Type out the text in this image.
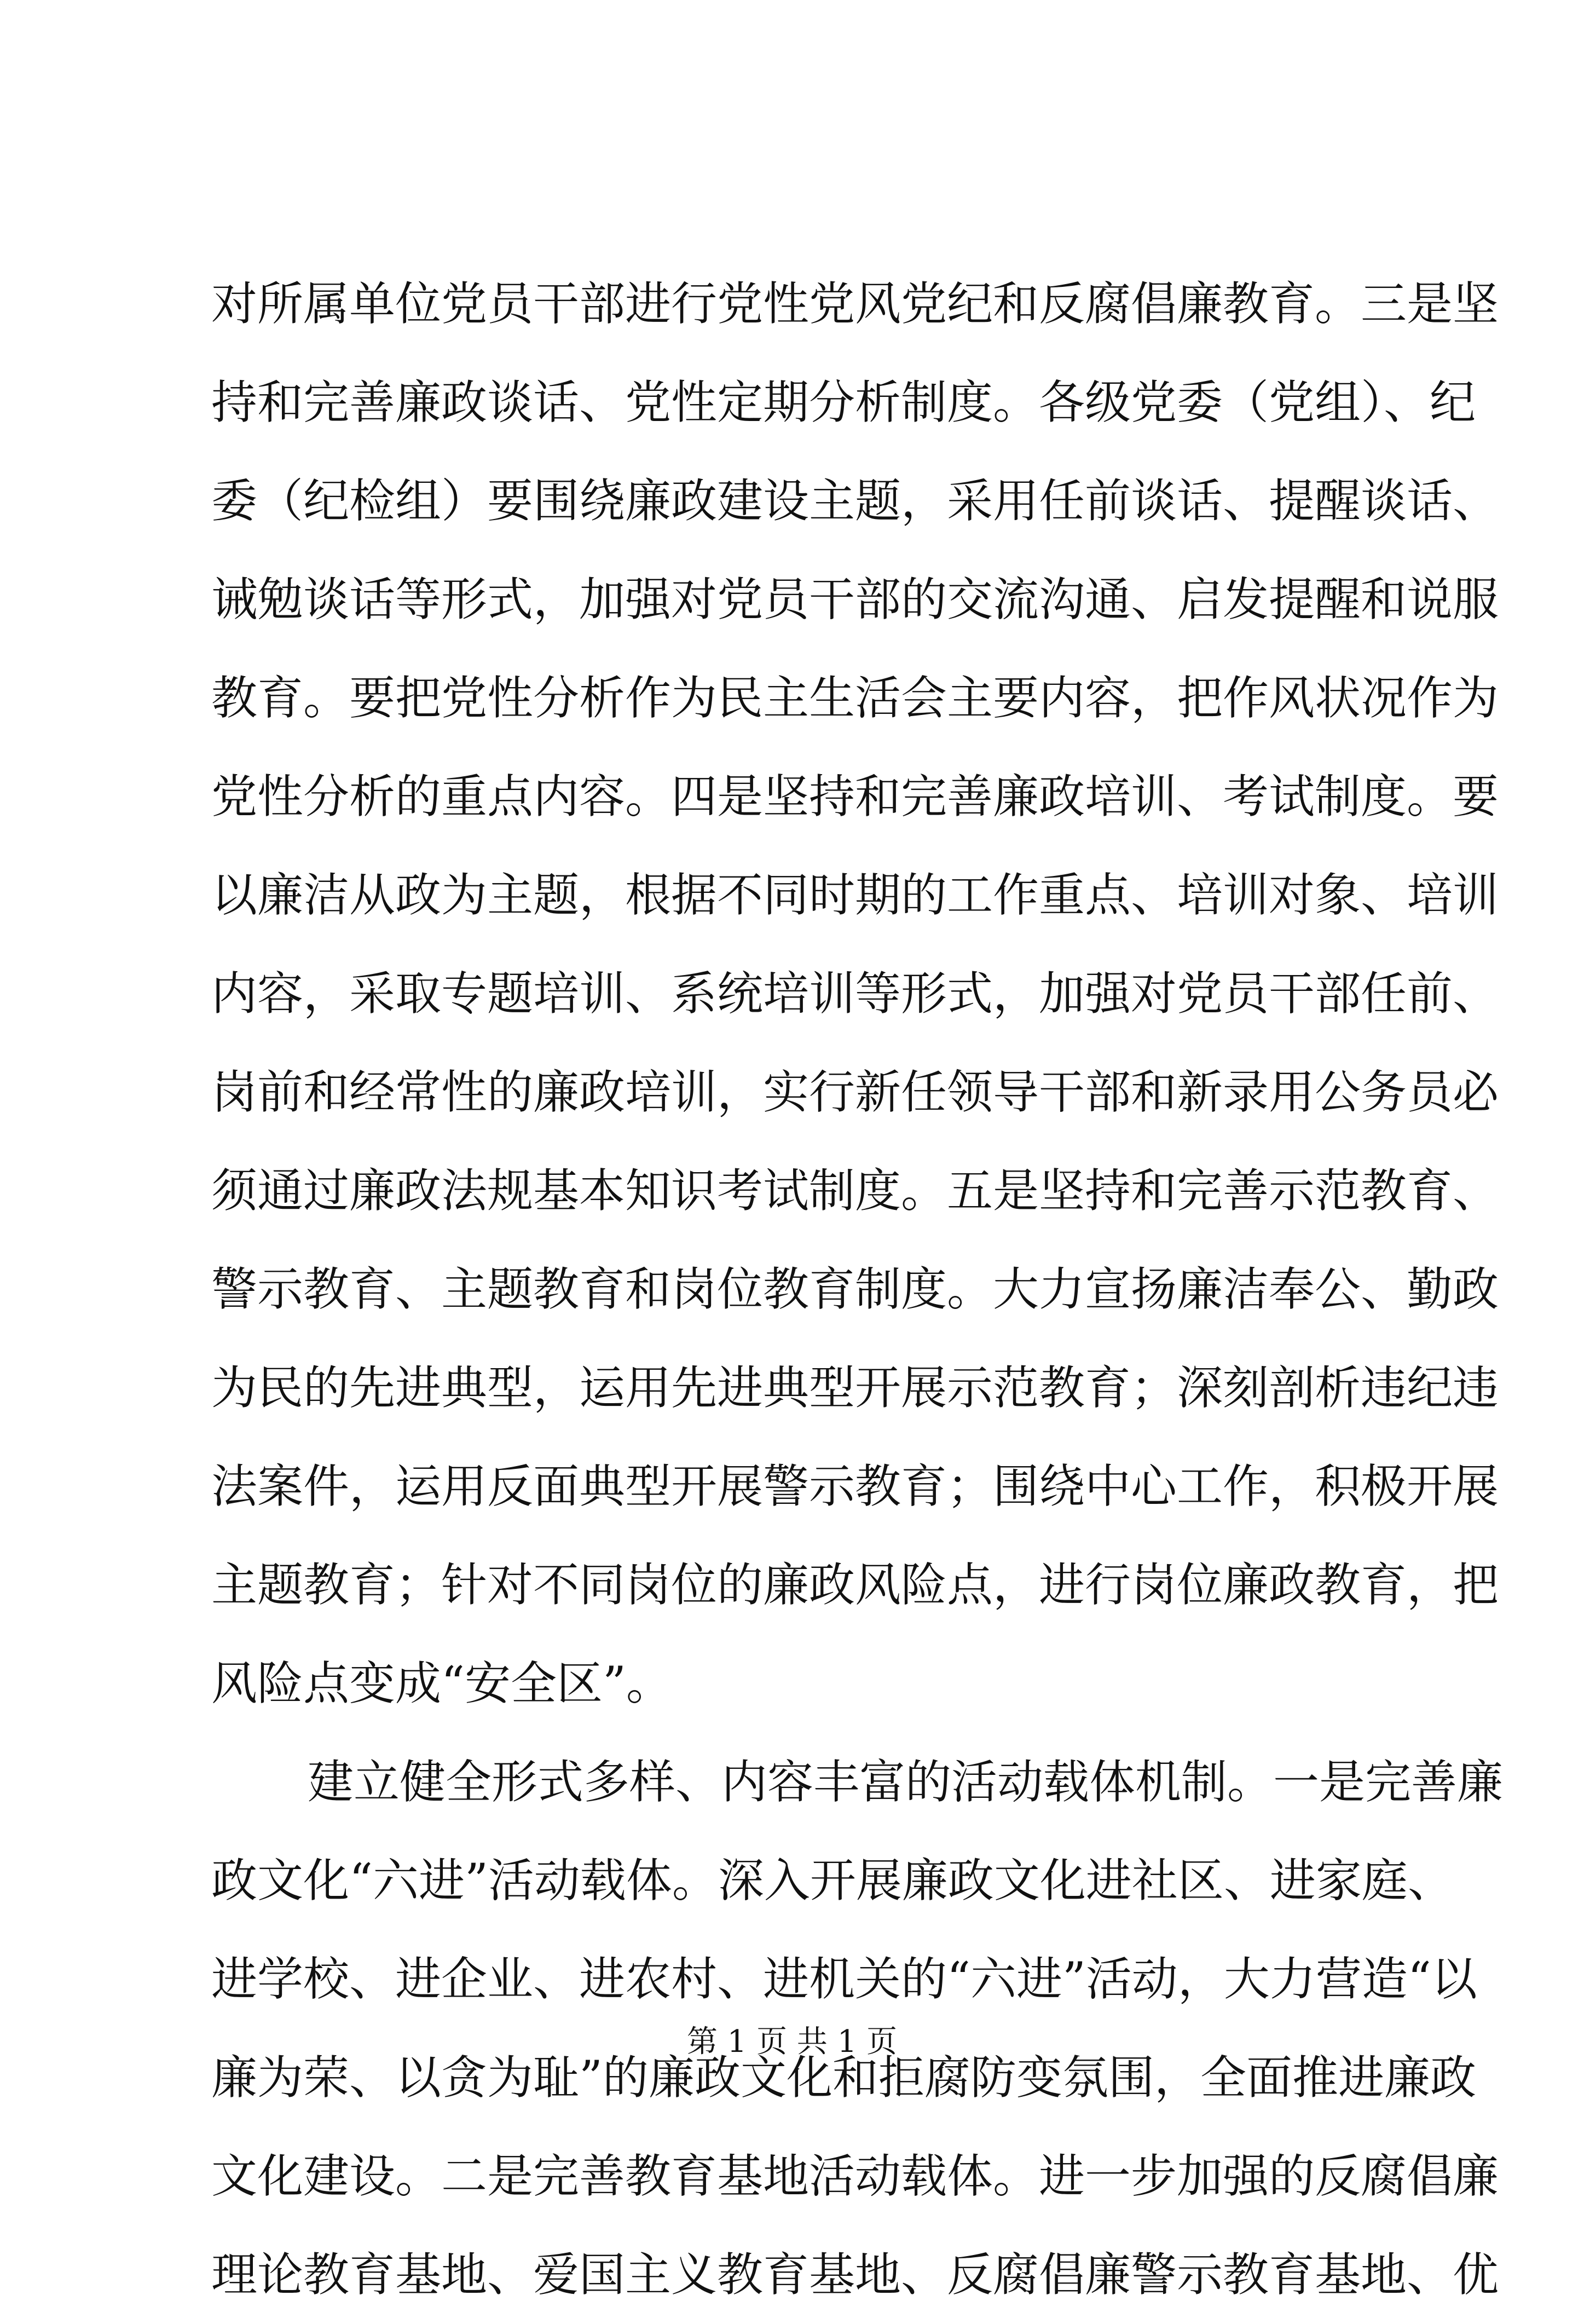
对所属单位党员干部进行党性党风党纪和反腐倡廉教育。三是坚
持和完善廉政谈话、党性定期分析制度。各级党委（党组）、纪
委（纪检组）要围绕廉政建设主题，采用任前谈话、提醒谈话、
诫勉谈话等形式，加强对党员干部的交流沟通、启发提醒和说服
教育。要把党性分析作为民主生活会主要内容，把作风状况作为
党性分析的重点内容。四是坚持和完善廉政培训、考试制度。要
以廉洁从政为主题，根据不同时期的工作重点、培训对象、培训
内容，采取专题培训、系统培训等形式，加强对党员干部任前、
岗前和经常性的廉政培训，实行新任领导干部和新录用公务员必
须通过廉政法规基本知识考试制度。五是坚持和完善示范教育、
警示教育、主题教育和岗位教育制度。大力宣扬廉洁奉公、勤政
为民的先进典型，运用先进典型开展示范教育；深刻剖析违纪违
法案件，运用反面典型开展警示教育；围绕中心工作，积极开展
主题教育；针对不同岗位的廉政风险点，进行岗位廉政教育，把
风险点变成“安全区”。
建立健全形式多样、内容丰富的活动载体机制。一是完善廉
政文化“六进”活动载体。深入开展廉政文化进社区、进家庭、
进学校、进企业、进农村、进机关的“六进”活动，大力营造“以
廉为荣、以贪为耻”的廉政文化和拒腐防变氛围，全面推进廉政
文化建设。二是完善教育基地活动载体。进一步加强的反腐倡廉
理论教育基地、爱国主义教育基地、反腐倡廉警示教育基地、优
第 1 页 共 1 页
